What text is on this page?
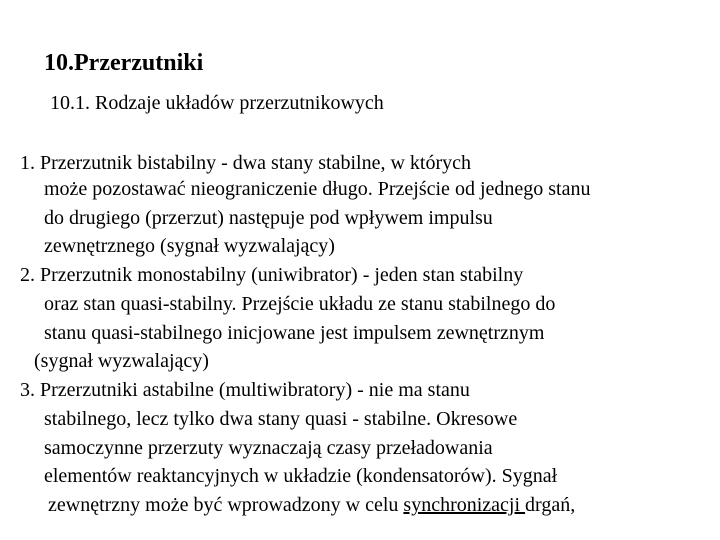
10.Przerzutniki
10.1. Rodzaje układów przerzutnikowych
1. Przerzutnik bistabilny - dwa stany stabilne, w których
może pozostawać nieograniczenie długo. Przejście od jednego stanu
do drugiego (przerzut) następuje pod wpływem impulsu
zewnętrznego (sygnał wyzwalający)
2. Przerzutnik monostabilny (uniwibrator) - jeden stan stabilny
oraz stan quasi-stabilny. Przejście układu ze stanu stabilnego do
stanu quasi-stabilnego inicjowane jest impulsem zewnętrznym
(sygnał wyzwalający)
3. Przerzutniki astabilne (multiwibratory) - nie ma stanu
stabilnego, lecz tylko dwa stany quasi - stabilne. Okresowe
samoczynne przerzuty wyznaczają czasy przeładowania
elementów reaktancyjnych w układzie (kondensatorów). Sygnał
zewnętrzny może być wprowadzony w celu synchronizacji drgań,
